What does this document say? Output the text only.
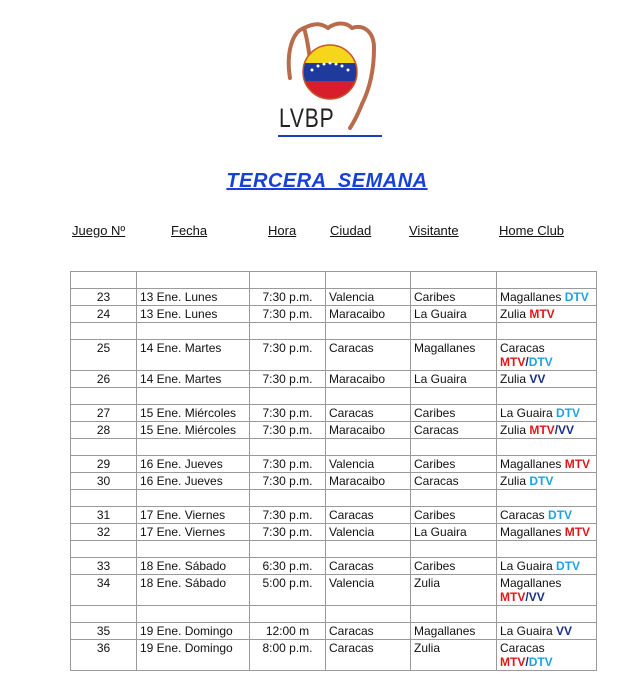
LVBP
TERCERA  SEMANA
Juego Nº	Fecha	Hora	Ciudad	Visitante	Home Club

23	13 Ene. Lunes	7:30 p.m.	Valencia	Caribes	Magallanes DTV
24	13 Ene. Lunes	7:30 p.m.	Maracaibo	La Guaira	Zulia MTV

25	14 Ene. Martes	7:30 p.m.	Caracas	Magallanes	Caracas
MTV/DTV
26	14 Ene. Martes	7:30 p.m.	Maracaibo	La Guaira	Zulia VV

27	15 Ene. Miércoles	7:30 p.m.	Caracas	Caribes	La Guaira DTV
28	15 Ene. Miércoles	7:30 p.m.	Maracaibo	Caracas	Zulia MTV/VV

29	16 Ene. Jueves	7:30 p.m.	Valencia	Caribes	Magallanes MTV
30	16 Ene. Jueves	7:30 p.m.	Maracaibo	Caracas	Zulia DTV

31	17 Ene. Viernes	7:30 p.m.	Caracas	Caribes	Caracas DTV
32	17 Ene. Viernes	7:30 p.m.	Valencia	La Guaira	Magallanes MTV

33	18 Ene. Sábado	6:30 p.m.	Caracas	Caribes	La Guaira DTV
34	18 Ene. Sábado	5:00 p.m.	Valencia	Zulia	Magallanes
MTV/VV

35	19 Ene. Domingo	12:00 m	Caracas	Magallanes	La Guaira VV
36	19 Ene. Domingo	8:00 p.m.	Caracas	Zulia	Caracas
MTV/DTV
